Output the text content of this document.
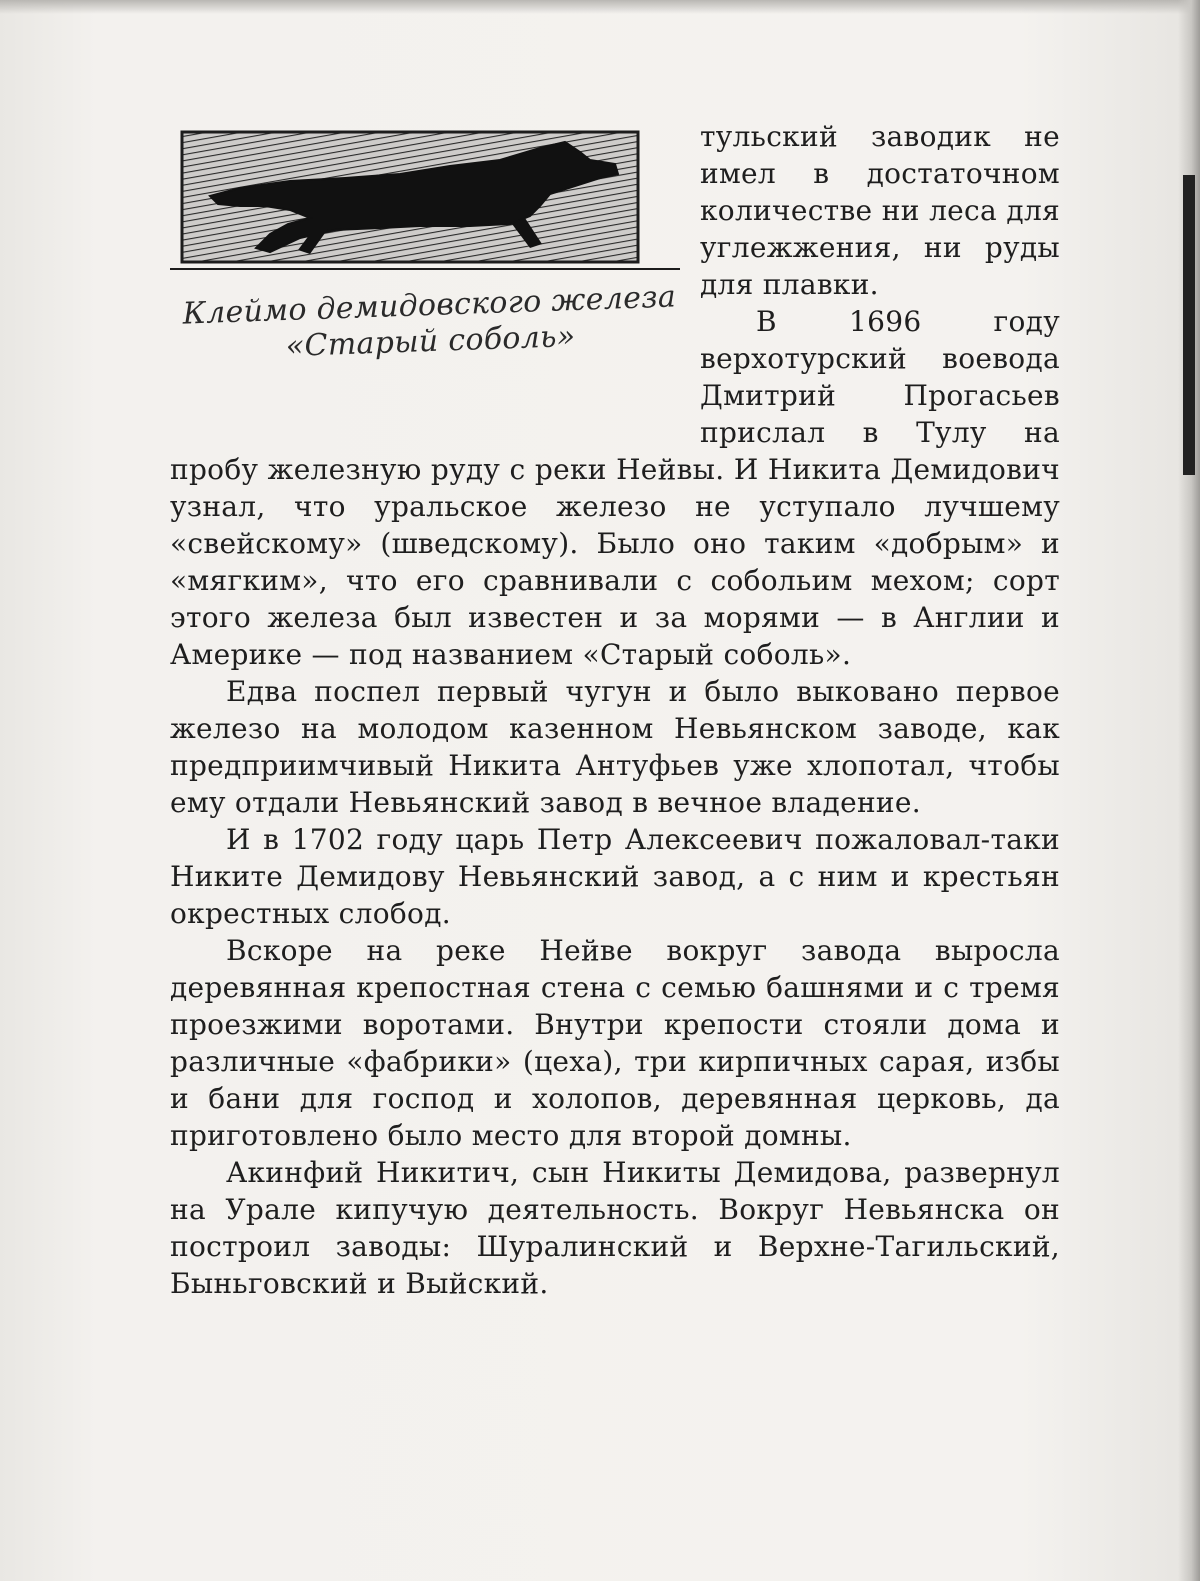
Клеймо демидовского железа «Старый соболь»

тульский заводик не имел в достаточном количестве ни леса для углежжения, ни руды для плавки.

В 1696 году верхотурский воевода Дмитрий Прогасьев прислал в Тулу на пробу железную руду с реки Нейвы. И Никита Демидович узнал, что уральское железо не уступало лучшему «свейскому» (шведскому). Было оно таким «добрым» и «мягким», что его сравнивали с собольим мехом; сорт этого железа был известен и за морями — в Англии и Америке — под названием «Старый соболь».

Едва поспел первый чугун и было выковано первое железо на молодом казенном Невьянском заводе, как предприимчивый Никита Антуфьев уже хлопотал, чтобы ему отдали Невьянский завод в вечное владение.

И в 1702 году царь Петр Алексеевич пожаловал-таки Никите Демидову Невьянский завод, а с ним и крестьян окрестных слобод.

Вскоре на реке Нейве вокруг завода выросла деревянная крепостная стена с семью башнями и с тремя проезжими воротами. Внутри крепости стояли дома и различные «фабрики» (цеха), три кирпичных сарая, избы и бани для господ и холопов, деревянная церковь, да приготовлено было место для второй домны.

Акинфий Никитич, сын Никиты Демидова, развернул на Урале кипучую деятельность. Вокруг Невьянска он построил заводы: Шуралинский и Верхне-Тагильский, Быньговский и Выйский.
